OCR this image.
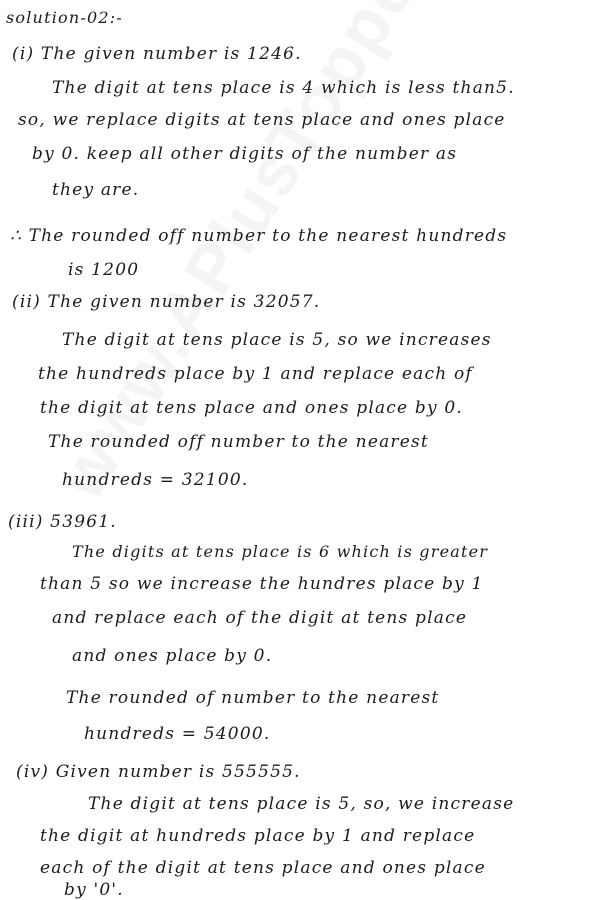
solution-02:-
(i) The given number is 1246.
The digit at tens place is 4 which is less than5.
so, we replace digits at tens place and ones place
by 0. keep all other digits of the number as
they are.
∴ The rounded off number to the nearest hundreds
is 1200
(ii) The given number is 32057.
The digit at tens place is 5, so we increases
the hundreds place by 1 and replace each of
the digit at tens place and ones place by 0.
The rounded off number to the nearest
hundreds = 32100.
(iii) 53961.
The digits at tens place is 6 which is greater
than 5 so we increase the hundres place by 1
and replace each of the digit at tens place
and ones place by 0.
The rounded of number to the nearest
hundreds = 54000.
(iv) Given number is 555555.
The digit at tens place is 5, so, we increase
the digit at hundreds place by 1 and replace
each of the digit at tens place and ones place
by '0'.
